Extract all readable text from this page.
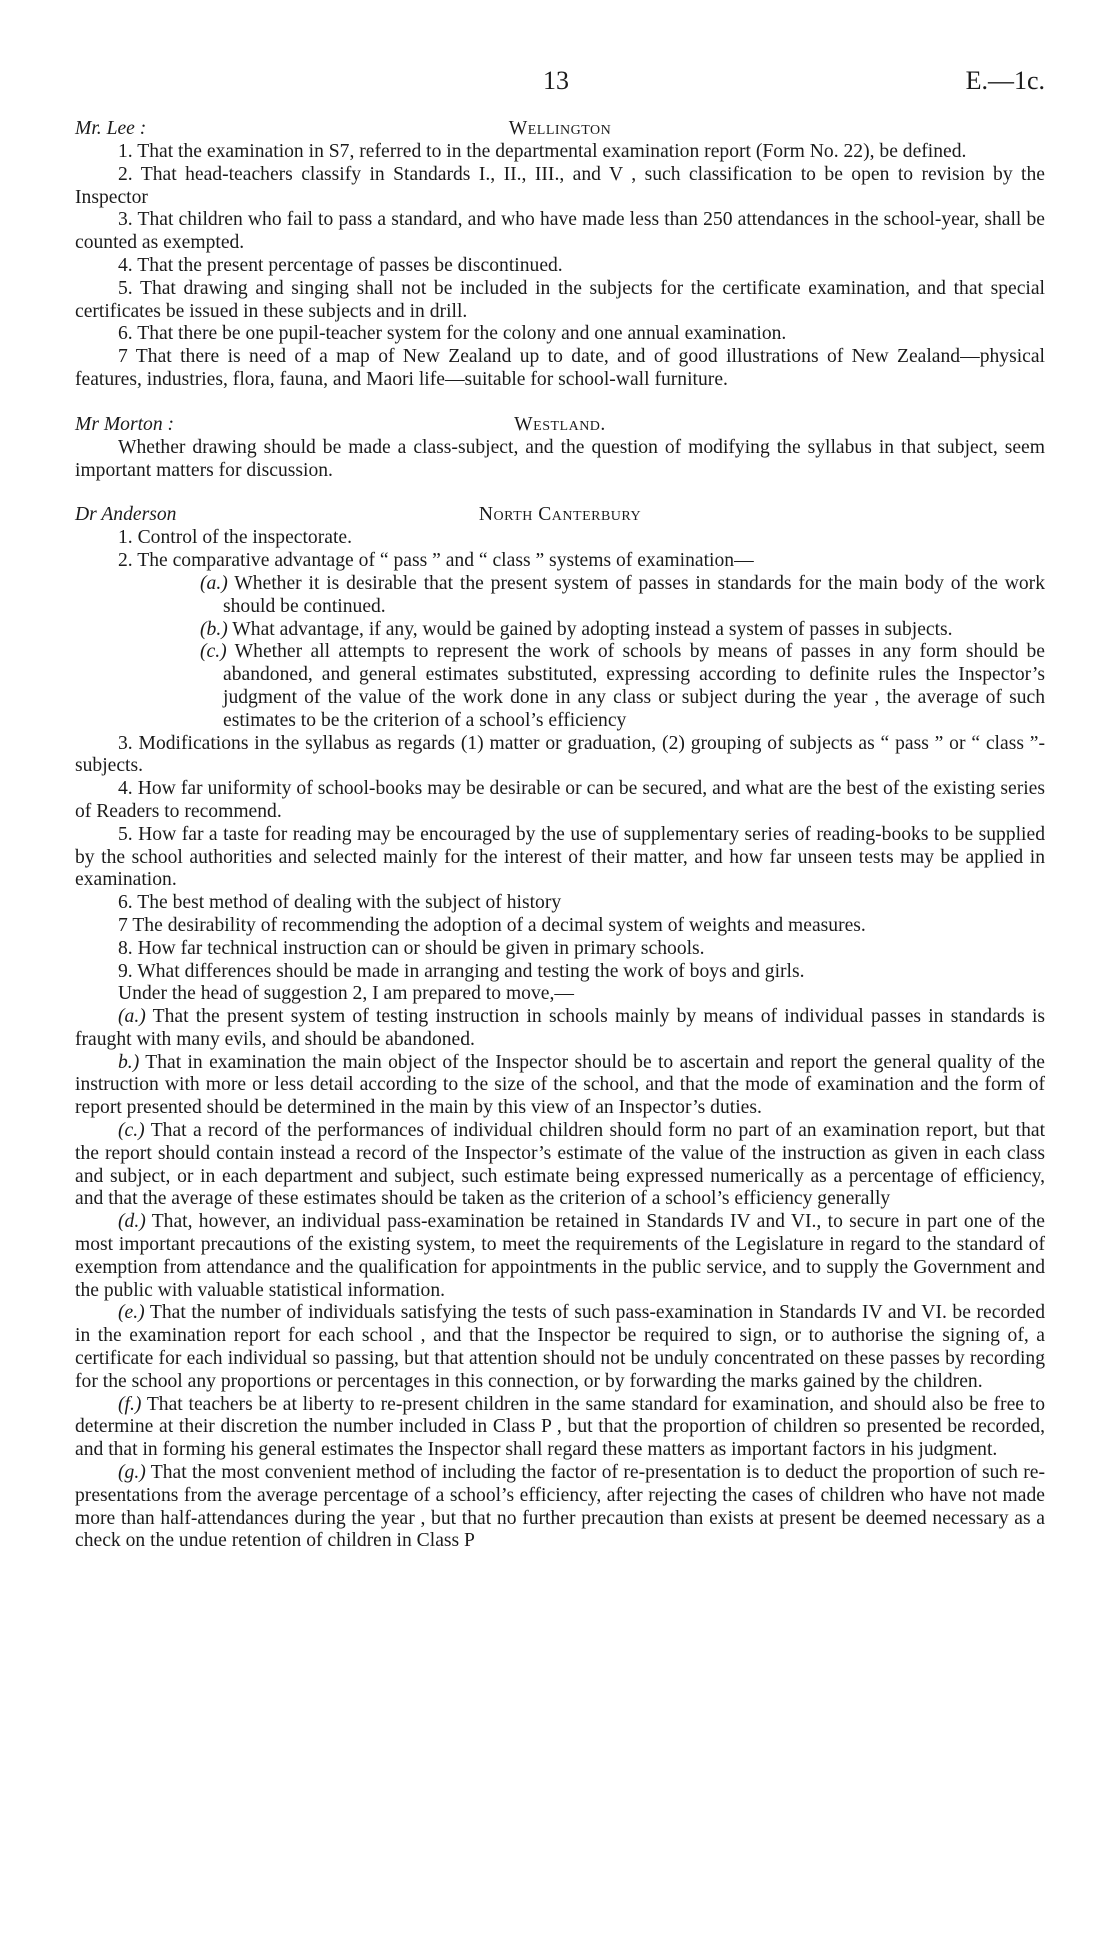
13	E.—1c.
Mr. Lee :	Wellington

1. That the examination in S7, referred to in the departmental examination report (Form No. 22), be defined.

2. That head-teachers classify in Standards I., II., III., and V , such classification to be open to revision by the Inspector

3. That children who fail to pass a standard, and who have made less than 250 attendances in the school-year, shall be counted as exempted.

4. That the present percentage of passes be discontinued.

5. That drawing and singing shall not be included in the subjects for the certificate examination, and that special certificates be issued in these subjects and in drill.

6. That there be one pupil-teacher system for the colony and one annual examination.

7 That there is need of a map of New Zealand up to date, and of good illustrations of New Zealand—physical features, industries, flora, fauna, and Maori life—suitable for school-wall furniture.

Mr Morton :	Westland.

Whether drawing should be made a class-subject, and the question of modifying the syllabus in that subject, seem important matters for discussion.

Dr Anderson	North Canterbury

1. Control of the inspectorate.

2. The comparative advantage of “ pass ” and “ class ” systems of examination—

(a.) Whether it is desirable that the present system of passes in standards for the main body of the work should be continued.

(b.) What advantage, if any, would be gained by adopting instead a system of passes in subjects.

(c.) Whether all attempts to represent the work of schools by means of passes in any form should be abandoned, and general estimates substituted, expressing according to definite rules the Inspector’s judgment of the value of the work done in any class or subject during the year , the average of such estimates to be the criterion of a school’s efficiency

3. Modifications in the syllabus as regards (1) matter or graduation, (2) grouping of subjects as “ pass ” or “ class ”-subjects.

4. How far uniformity of school-books may be desirable or can be secured, and what are the best of the existing series of Readers to recommend.

5. How far a taste for reading may be encouraged by the use of supplementary series of reading-books to be supplied by the school authorities and selected mainly for the interest of their matter, and how far unseen tests may be applied in examination.

6. The best method of dealing with the subject of history

7 The desirability of recommending the adoption of a decimal system of weights and measures.

8. How far technical instruction can or should be given in primary schools.

9. What differences should be made in arranging and testing the work of boys and girls.

Under the head of suggestion 2, I am prepared to move,—

(a.) That the present system of testing instruction in schools mainly by means of individual passes in standards is fraught with many evils, and should be abandoned.

b.) That in examination the main object of the Inspector should be to ascertain and report the general quality of the instruction with more or less detail according to the size of the school, and that the mode of examination and the form of report presented should be determined in the main by this view of an Inspector’s duties.

(c.) That a record of the performances of individual children should form no part of an examination report, but that the report should contain instead a record of the Inspector’s estimate of the value of the instruction as given in each class and subject, or in each department and subject, such estimate being expressed numerically as a percentage of efficiency, and that the average of these estimates should be taken as the criterion of a school’s efficiency generally

(d.) That, however, an individual pass-examination be retained in Standards IV and VI., to secure in part one of the most important precautions of the existing system, to meet the requirements of the Legislature in regard to the standard of exemption from attendance and the qualification for appointments in the public service, and to supply the Government and the public with valuable statistical information.

(e.) That the number of individuals satisfying the tests of such pass-examination in Standards IV and VI. be recorded in the examination report for each school , and that the Inspector be required to sign, or to authorise the signing of, a certificate for each individual so passing, but that attention should not be unduly concentrated on these passes by recording for the school any proportions or percentages in this connection, or by forwarding the marks gained by the children.

(f.) That teachers be at liberty to re-present children in the same standard for examination, and should also be free to determine at their discretion the number included in Class P , but that the proportion of children so presented be recorded, and that in forming his general estimates the Inspector shall regard these matters as important factors in his judgment.

(g.) That the most convenient method of including the factor of re-presentation is to deduct the proportion of such re-presentations from the average percentage of a school’s efficiency, after rejecting the cases of children who have not made more than half-attendances during the year , but that no further precaution than exists at present be deemed necessary as a check on the undue retention of children in Class P
